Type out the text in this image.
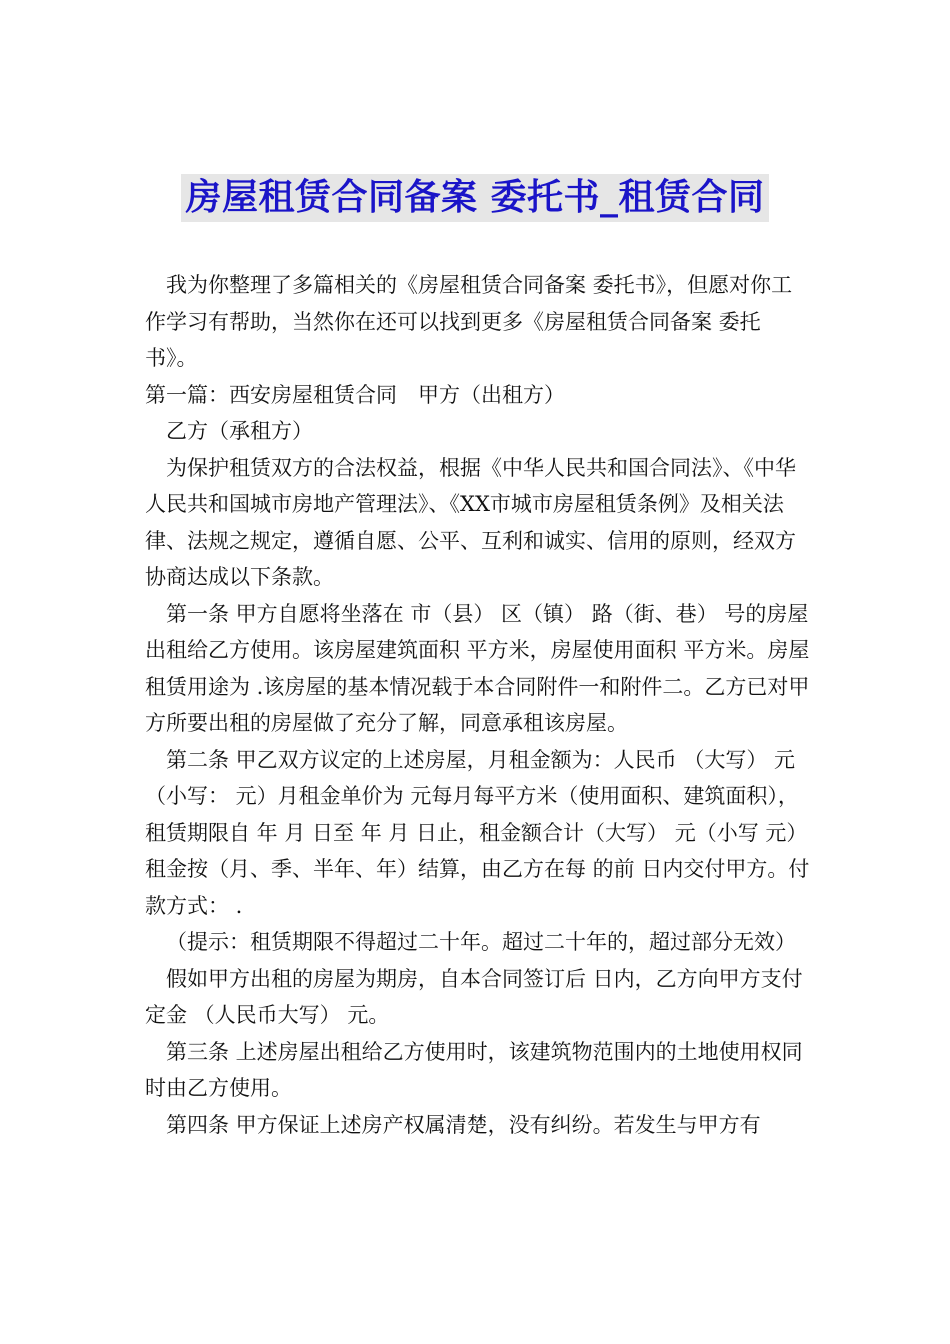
房屋租赁合同备案 委托书_租赁合同

我为你整理了多篇相关的《房屋租赁合同备案 委托书》，但愿对你工作学习有帮助，当然你在还可以找到更多《房屋租赁合同备案 委托书》。

第一篇：西安房屋租赁合同　甲方（出租方）

乙方（承租方）

为保护租赁双方的合法权益，根据《中华人民共和国合同法》、《中华人民共和国城市房地产管理法》、《XX市城市房屋租赁条例》及相关法律、法规之规定，遵循自愿、公平、互利和诚实、信用的原则，经双方协商达成以下条款。

第一条 甲方自愿将坐落在 市（县） 区（镇） 路（街、巷） 号的房屋出租给乙方使用。该房屋建筑面积 平方米，房屋使用面积 平方米。房屋租赁用途为 .该房屋的基本情况载于本合同附件一和附件二。乙方已对甲方所要出租的房屋做了充分了解，同意承租该房屋。

第二条 甲乙双方议定的上述房屋，月租金额为：人民币 （大写） 元（小写： 元）月租金单价为 元每月每平方米（使用面积、建筑面积），租赁期限自 年 月 日至 年 月 日止，租金额合计（大写） 元（小写 元）租金按（月、季、半年、年）结算，由乙方在每 的前 日内交付甲方。付款方式： .

（提示：租赁期限不得超过二十年。超过二十年的，超过部分无效）

假如甲方出租的房屋为期房，自本合同签订后 日内，乙方向甲方支付定金 （人民币大写） 元。

第三条 上述房屋出租给乙方使用时，该建筑物范围内的土地使用权同时由乙方使用。

第四条 甲方保证上述房产权属清楚，没有纠纷。若发生与甲方有
